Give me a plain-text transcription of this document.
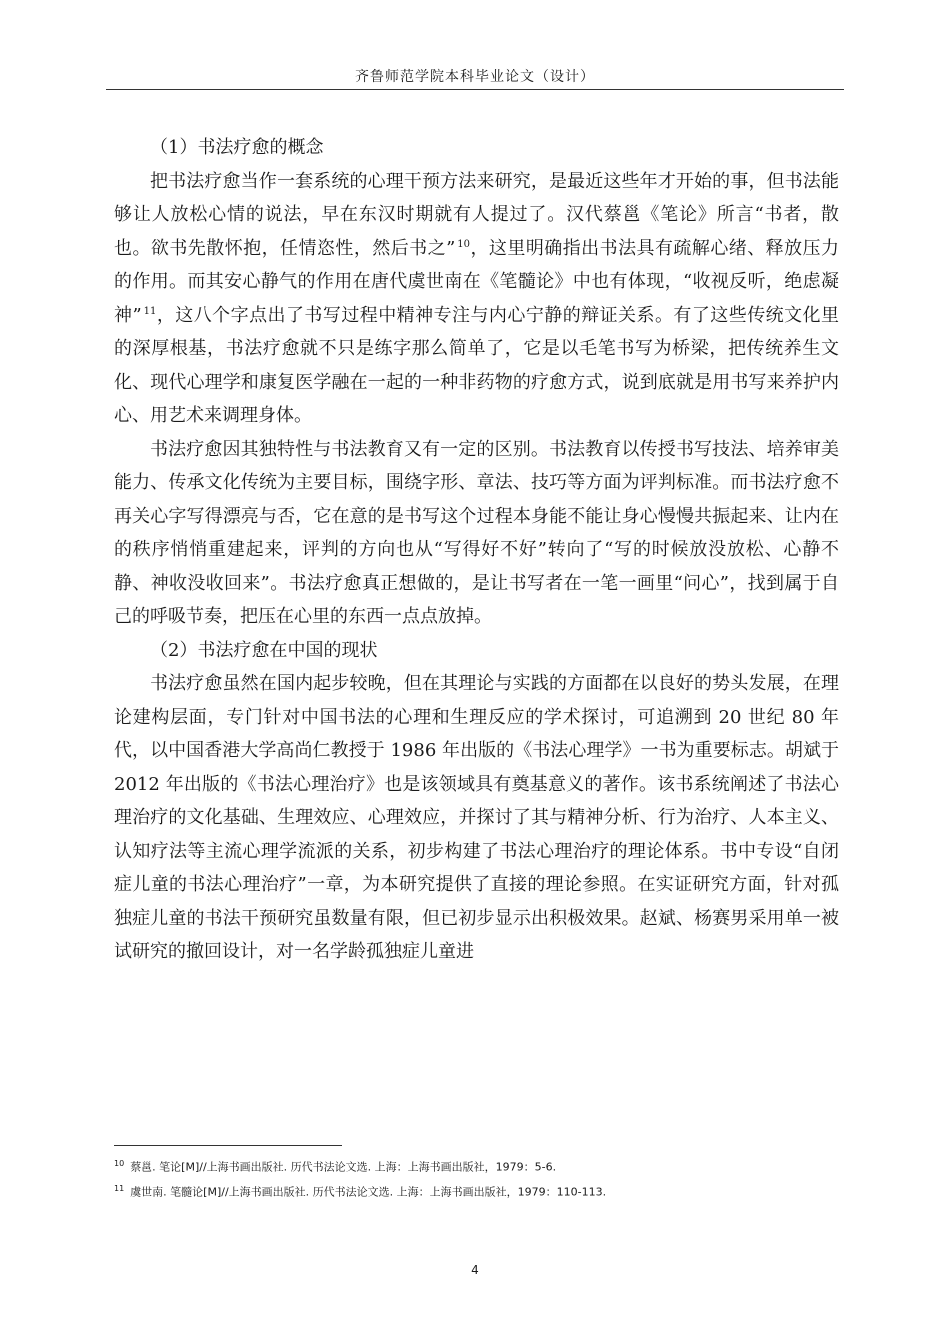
齐鲁师范学院本科毕业论文（设计）

（1）书法疗愈的概念

把书法疗愈当作一套系统的心理干预方法来研究，是最近这些年才开始的事，但书法能够让人放松心情的说法，早在东汉时期就有人提过了。汉代蔡邕《笔论》所言“书者，散也。欲书先散怀抱，任情恣性，然后书之” $^{10}$，这里明确指出书法具有疏解心绪、释放压力的作用。而其安心静气的作用在唐代虞世南在《笔髓论》中也有体现，“收视反听，绝虑凝神” $^{11}$，这八个字点出了书写过程中精神专注与内心宁静的辩证关系。有了这些传统文化里的深厚根基，书法疗愈就不只是练字那么简单了，它是以毛笔书写为桥梁，把传统养生文化、现代心理学和康复医学融在一起的一种非药物的疗愈方式，说到底就是用书写来养护内心、用艺术来调理身体。

书法疗愈因其独特性与书法教育又有一定的区别。书法教育以传授书写技法、培养审美能力、传承文化传统为主要目标，围绕字形、章法、技巧等方面为评判标准。而书法疗愈不再关心字写得漂亮与否，它在意的是书写这个过程本身能不能让身心慢慢共振起来、让内在的秩序悄悄重建起来，评判的方向也从“写得好不好”转向了“写的时候放没放松、心静不静、神收没收回来”。书法疗愈真正想做的，是让书写者在一笔一画里“问心”，找到属于自己的呼吸节奏，把压在心里的东西一点点放掉。

（2）书法疗愈在中国的现状

书法疗愈虽然在国内起步较晚，但在其理论与实践的方面都在以良好的势头发展，在理论建构层面，专门针对中国书法的心理和生理反应的学术探讨，可追溯到 20 世纪 80 年代，以中国香港大学高尚仁教授于 1986 年出版的《书法心理学》一书为重要标志。胡斌于 2012 年出版的《书法心理治疗》也是该领域具有奠基意义的著作。该书系统阐述了书法心理治疗的文化基础、生理效应、心理效应，并探讨了其与精神分析、行为治疗、人本主义、认知疗法等主流心理学流派的关系，初步构建了书法心理治疗的理论体系。书中专设“自闭症儿童的书法心理治疗”一章，为本研究提供了直接的理论参照。在实证研究方面，针对孤独症儿童的书法干预研究虽数量有限，但已初步显示出积极效果。赵斌、杨赛男采用单一被试研究的撤回设计，对一名学龄孤独症儿童进

$^{10}$ 蔡邕. 笔论[M]//上海书画出版社. 历代书法论文选. 上海：上海书画出版社，1979：5-6.

$^{11}$ 虞世南. 笔髓论[M]//上海书画出版社. 历代书法论文选. 上海：上海书画出版社，1979：110-113.

4
